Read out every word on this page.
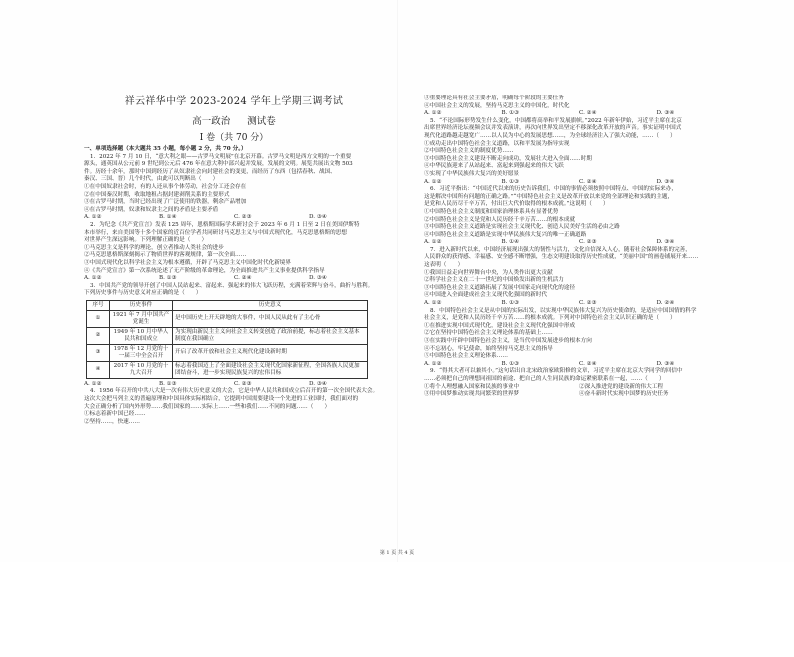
祥云祥华中学 2023-2024 学年上学期三调考试
高一政治 测试卷
I 卷（共 70 分）
一、单项选择题（本大题共 35 小题，每小题 2 分，共 70 分。）

1．2022 年 7 月 10 日，“意大利之眼——古罗马文明展”在北京开幕。古罗马文明是西方文明的一个重要

源头，通英国从公元前 9 世纪到公元后 476 年在意大利中部兴起并发展，发展的文明。展览共展出文物 503

件。历经十余年，那时中国到经历了从奴隶社会向封建社会的变更，而经历了东西（包括春秋、战国、

秦汉、三国、晋）几个时代，由此可以判断出（　　）

①在中国奴隶社会时，有的人还从事个体劳动，社会分工还会存在

②在中国秦汉时期，收取地租占据封建剥削关系的主要形式

③在古罗马时期，当时已经出现了广泛使用的铁器，剩余产品增加

④在古罗马时期，奴隶和奴隶主之间的矛盾是主要矛盾

A. ①②	B. ①④	C. ②③	D. ③④

2．为纪念《共产党宣言》发表 125 周年，恩格斯国际学术研讨会于 2023 年 6 月 1 日至 2 日在美国伊斯特

本市举行，来自美国等十多个国家的近百位学者共同研讨马克思主义与中国式现代化，马克思恩格斯的思想

对世界产生深远影响。下列理解正确的是（　　）

①马克思主义是科学的理论，创立者推动人类社会的进步

②马克思恩格斯深刻揭示了物质世界的客观规律，第一次全面……

③中国式现代化以科学社会主义为根本遵循，开辟了马克思主义中国化时代化新境界

④《共产党宣言》第一次系统论述了无产阶级的革命理论，为全面推进共产主义事业提供科学指导

A. ①②	B. ①③	C. ②④	D. ③④

3．中国共产党的领导开创了中国人民站起来、富起来、强起来的伟大飞跃历程，充满着荣辉与奋斗，曲折与胜利。

下列历史事件与历史意义对应正确的是（　　）

序号	历史事件	历史意义
①	1921 年 7 月中国共产党诞生	是中国历史上开天辟地的大事件，中国人民从此有了主心骨
②	1949 年 10 月中华人民共和国成立	为实现由新民主主义向社会主义转变创造了政治前提，标志着社会主义基本制度在我国确立
③	1978 年 12 月党的十一届三中全会召开	开启了改革开放和社会主义现代化建设新时期
④	2017 年 10 月党的十九大召开	标志着我国迈上了全面建设社会主义现代化国家新征程，全国各族人民更加团结奋斗，进一步实现民族复兴的宏伟目标
A. ①②	B. ①③	C. ②③	D. ③④

4．1956 年召开的中共八大是一次有伟大历史意义的大会，它是中华人民共和国成立后召开的第一次全国代表大会。

这次大会把马列主义的普遍原理和中国具体实际相结合，它提到中国需要建设一个先进的工业国时，我们面对的

大会正确分析了国内外形势……我们国家的……实际上……一些和我们……不同的问题……（　　）

①标志着新中国已经……

②坚持……，快速……

③重要理论具有社会主要矛盾，明确每个阶段的主要任务

④中国社会主义的发展，坚持马克思主义的中国化，时代化

A. ①②	B. ①③	C. ②④	D. ③④

5．“不论国际形势发生什么变化，中国都将高举和平发展旗帜。”2022 年新年伊始，习近平主席在北京

出席世界经济论坛视频会议并发表演讲，再次向世界发出坚定不移深化改革开放的声音。事实证明中国式

现代化道路越走越宽广……以人民为中心的发展思想……，为全球经济注入了强大动能，……（　　）

①成功走出中国特色社会主义道路，以和平发展为指导实现

②中国特色社会主义的制度优势……

③中国特色社会主义建设不断走向成功，发展壮大进入全面……时期

④中华民族迎来了从站起来、富起来到强起来的伟大飞跃

⑤实现了中华民族伟大复兴的美好愿景

A. ①②	B. ①③	C. ②④	D. ③④

6．习近平指出：“中国近代以来的历史告诉我们，中国的事情必须按照中国特点、中国的实际来办，

这是解决中国所有问题的正确之路。”“中国特色社会主义是改革开放以来党的全部理论和实践的主题，

是党和人民历尽千辛万苦，付出巨大代价取得的根本成就。”这说明（　　）

①中国特色社会主义制度和国家治理体系具有显著优势

②中国特色社会主义是党和人民历经千辛万苦……的根本成就

③中国特色社会主义道路是实现社会主义现代化、创造人民美好生活的必由之路

④中国特色社会主义道路是实现中华民族伟大复兴的唯一正确道路

A. ①②	B. ①④	C. ②③	D. ③④

7．进入新时代以来，中国经济展现出强大的韧性与活力，文化自信深入人心，随着社会保障体系的完善，

人民群众的获得感、幸福感、安全感不断增强，生态文明建设取得历史性成就，“美丽中国”的画卷铺展开来……

这表明（　　）

①我国日益走向世界舞台中央，为人类作出更大贡献

②科学社会主义在二十一世纪的中国焕发出新的生机活力

③中国特色社会主义道路拓展了发展中国家走向现代化的途径

④中国进入全面建成社会主义现代化强国的新时代

A. ①②	B. ①③	C. ②③	D. ②④

8．中国特色社会主义是从中国的实际出发，以实现中华民族伟大复兴为历史使命的，是适应中国国情的科学

社会主义，是党和人民历经千辛万苦……的根本成就。下列对中国特色社会主义认识正确的是（　　）

①在推进实现中国式现代化，建设社会主义现代化强国中形成

②它在坚持中国特色社会主义理论体系的基础上……

③在实践中开辟中国特色社会主义，是当代中国发展进步的根本方向

④不忘初心，牢记使命，始终坚持马克思主义的指导

⑤中国特色社会主义理论体系……

A. ①②	B. ①③	C. ②④	D. ③④

9．“得其大者可以兼其小。”这句话出自北宋政治家欧阳修的文章，习近平主席在北京大学同学的回信中

……必须把自己的理想同祖国的前途、把自己的人生同民族的命运紧密联系在一起，……（　　）

①将个人理想融入国家和民族的事业中	②深入推进党的建设新的伟大工程
③用中国梦推动实现共同繁荣的世界梦	④奋斗新时代实现中国梦的历史任务
第 1 页 共 4 页
